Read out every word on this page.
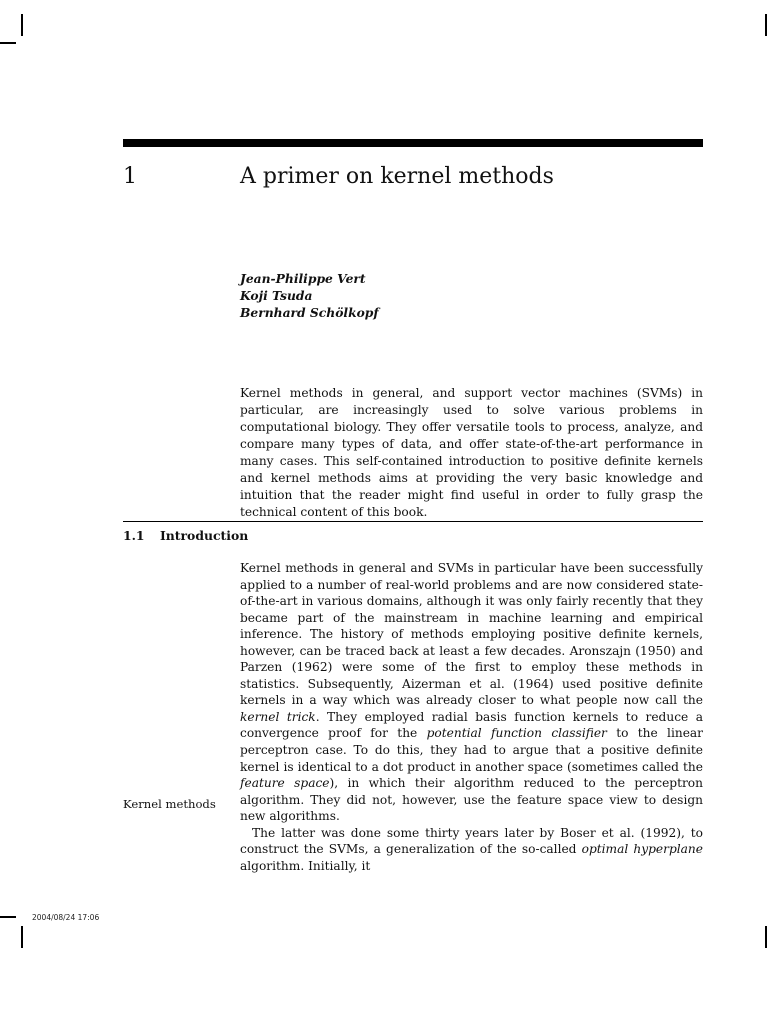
1	A primer on kernel methods
Jean-Philippe Vert
Koji Tsuda
Bernhard Schölkopf
Kernel methods in general, and support vector machines (SVMs) in particular, are increasingly used to solve various problems in computational biology. They offer versatile tools to process, analyze, and compare many types of data, and offer state-of-the-art performance in many cases. This self-contained introduction to positive definite kernels and kernel methods aims at providing the very basic knowledge and intuition that the reader might find useful in order to fully grasp the technical content of this book.
1.1 Introduction

Kernel methods in general and SVMs in particular have been successfully applied to a number of real-world problems and are now considered state-of-the-art in various domains, although it was only fairly recently that they became part of the mainstream in machine learning and empirical inference. The history of methods employing positive definite kernels, however, can be traced back at least a few decades. Aronszajn (1950) and Parzen (1962) were some of the first to employ these methods in statistics. Subsequently, Aizerman et al. (1964) used positive definite kernels in a way which was already closer to what people now call the kernel trick. They employed radial basis function kernels to reduce a convergence proof for the potential function classifier to the linear perceptron case. To do this, they had to argue that a positive definite kernel is identical to a dot product in another space (sometimes called the feature space), in which their algorithm reduced to the perceptron algorithm. They did not, however, use the feature space view to design new algorithms.

The latter was done some thirty years later by Boser et al. (1992), to construct the SVMs, a generalization of the so-called optimal hyperplane algorithm. Initially, it

Kernel methods
2004/08/24 17:06
